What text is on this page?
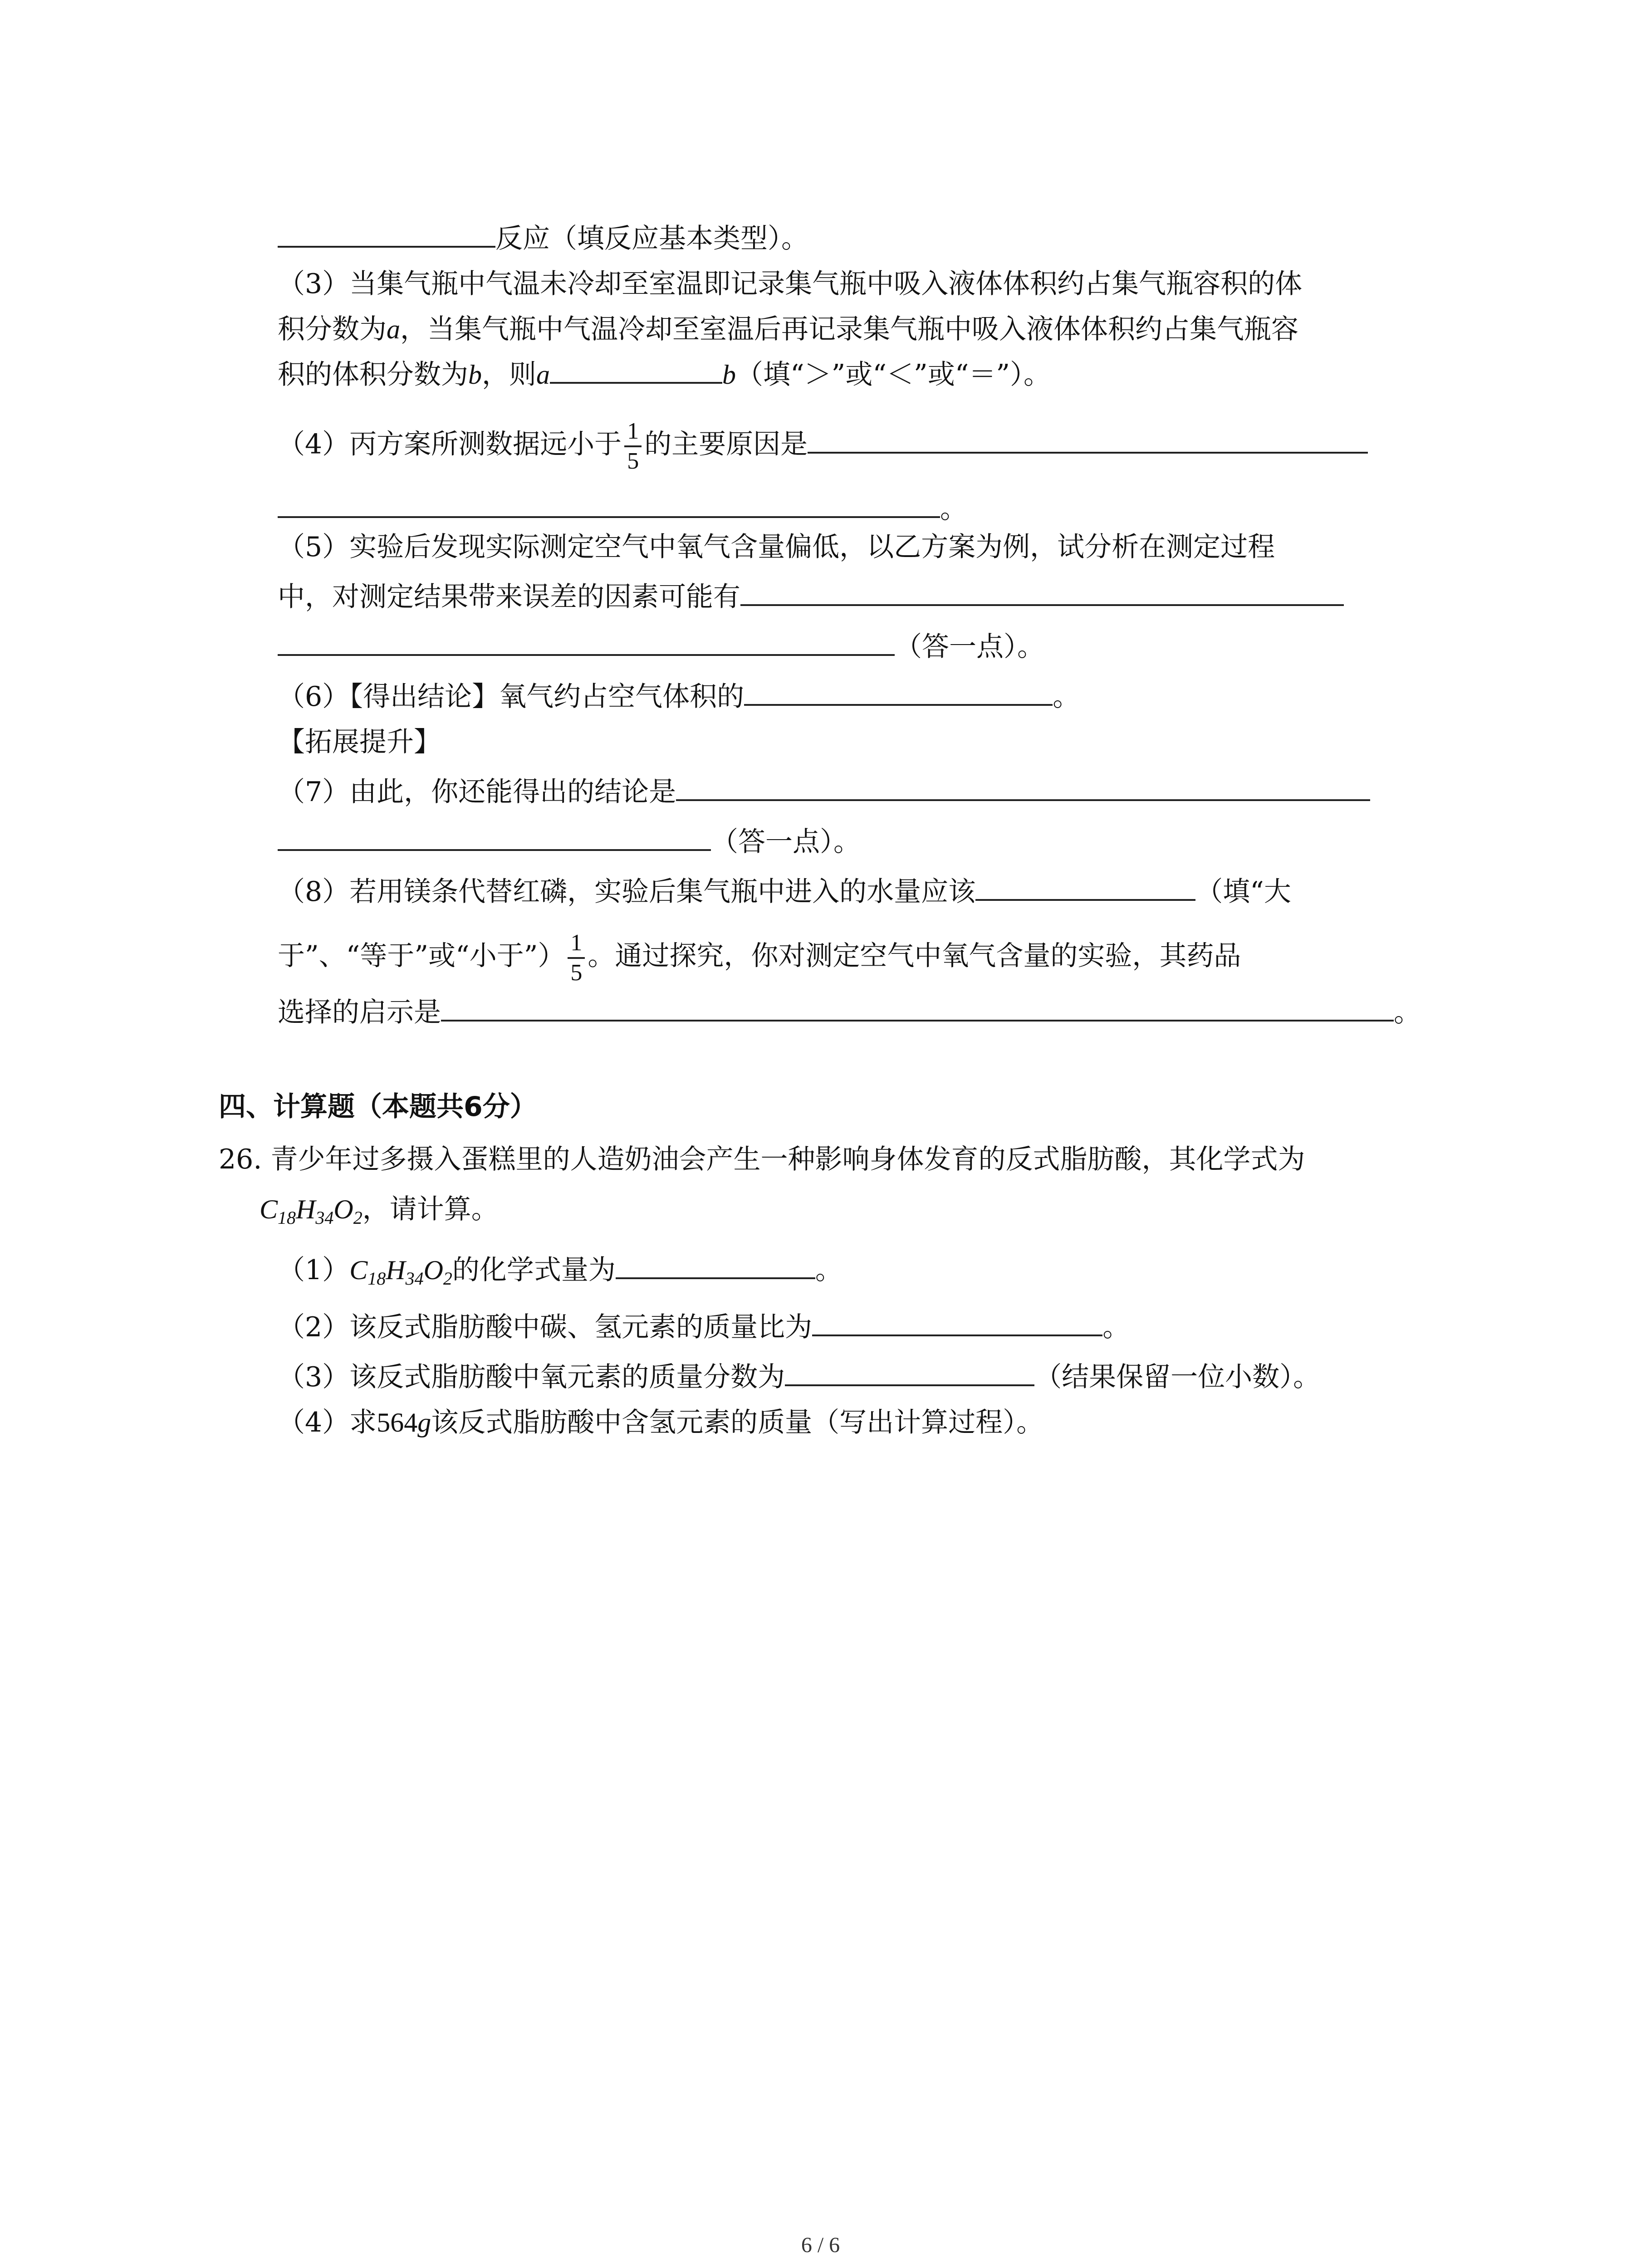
反应（填反应基本类型）。
（3）当集气瓶中气温未冷却至室温即记录集气瓶中吸入液体体积约占集气瓶容积的体
积分数为a，当集气瓶中气温冷却至室温后再记录集气瓶中吸入液体体积约占集气瓶容
积的体积分数为b，则a	b（填“＞”或“＜”或“＝”）。
（4）丙方案所测数据远小于 $\frac{1}{5}$ 的主要原因是
。
（5）实验后发现实际测定空气中氧气含量偏低，以乙方案为例，试分析在测定过程
中，对测定结果带来误差的因素可能有
（答一点）。
（6）【得出结论】氧气约占空气体积的	。
【拓展提升】
（7）由此，你还能得出的结论是
（答一点）。
（8）若用镁条代替红磷，实验后集气瓶中进入的水量应该	（填“大
于”、“等于”或“小于”） $\frac{1}{5}$ 。通过探究，你对测定空气中氧气含量的实验，其药品
选择的启示是	。
四、计算题（本题共6分）
26. 青少年过多摄入蛋糕里的人造奶油会产生一种影响身体发育的反式脂肪酸，其化学式为
$C_{18}H_{34}O_2$，请计算。
$(1)C_{18}H_{34}O_2$的化学式量为	。
（2）该反式脂肪酸中碳、氢元素的质量比为	。
（3）该反式脂肪酸中氧元素的质量分数为	（结果保留一位小数）。
（4）求564g该反式脂肪酸中含氢元素的质量（写出计算过程）。
6 / 6
